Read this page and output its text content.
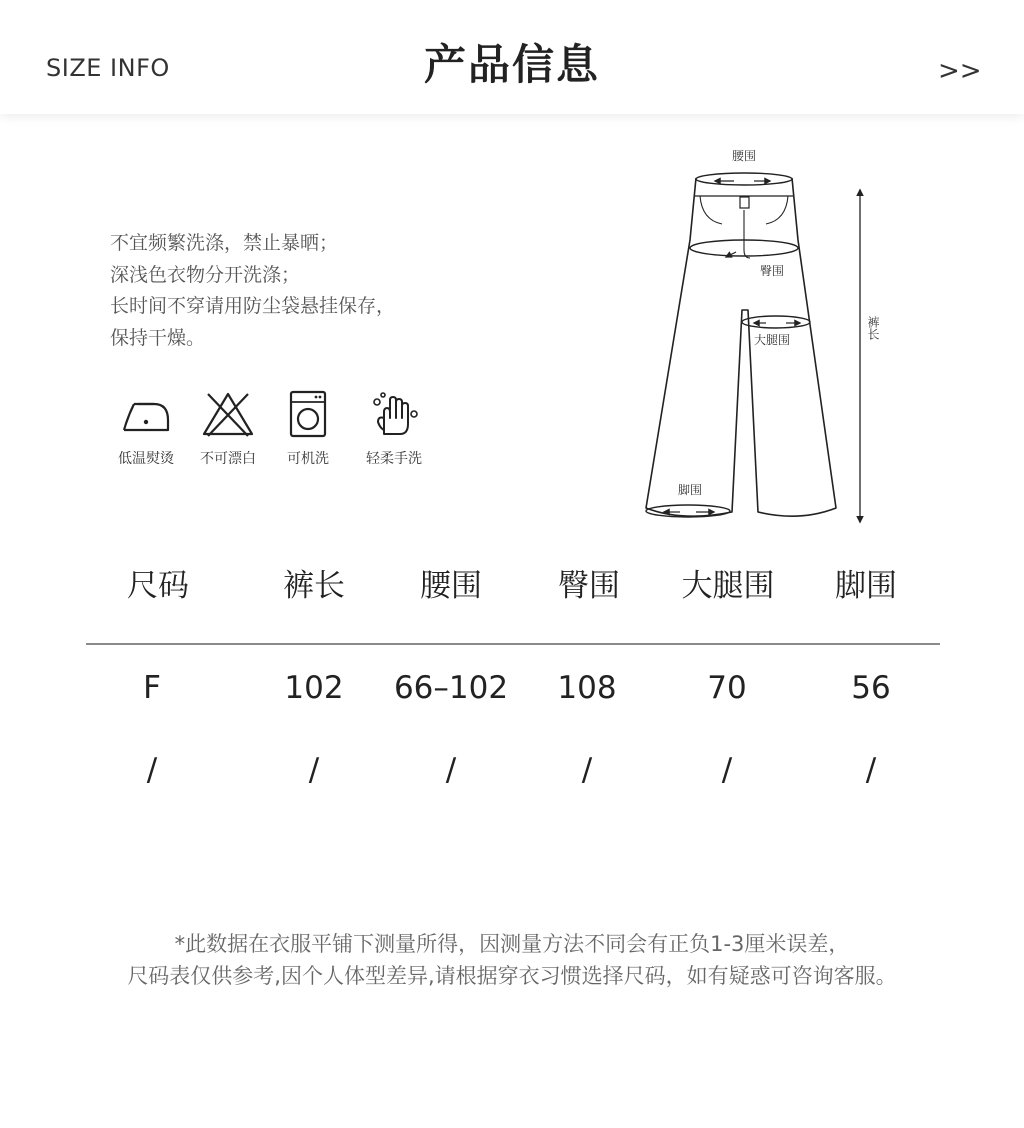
SIZE INFO	产品信息	>>
不宜频繁洗涤，禁止暴晒；
深浅色衣物分开洗涤；
长时间不穿请用防尘袋悬挂保存，
保持干燥。
低温熨烫	不可漂白	可机洗	轻柔手洗
腰围
臀围
大腿围
脚围
裤长
尺码	裤长	腰围	臀围	大腿围	脚围
F	102	66–102	108	70	56
/	/	/	/	/	/
*此数据在衣服平铺下测量所得，因测量方法不同会有正负1-3厘米误差，
尺码表仅供参考,因个人体型差异,请根据穿衣习惯选择尺码，如有疑惑可咨询客服。
